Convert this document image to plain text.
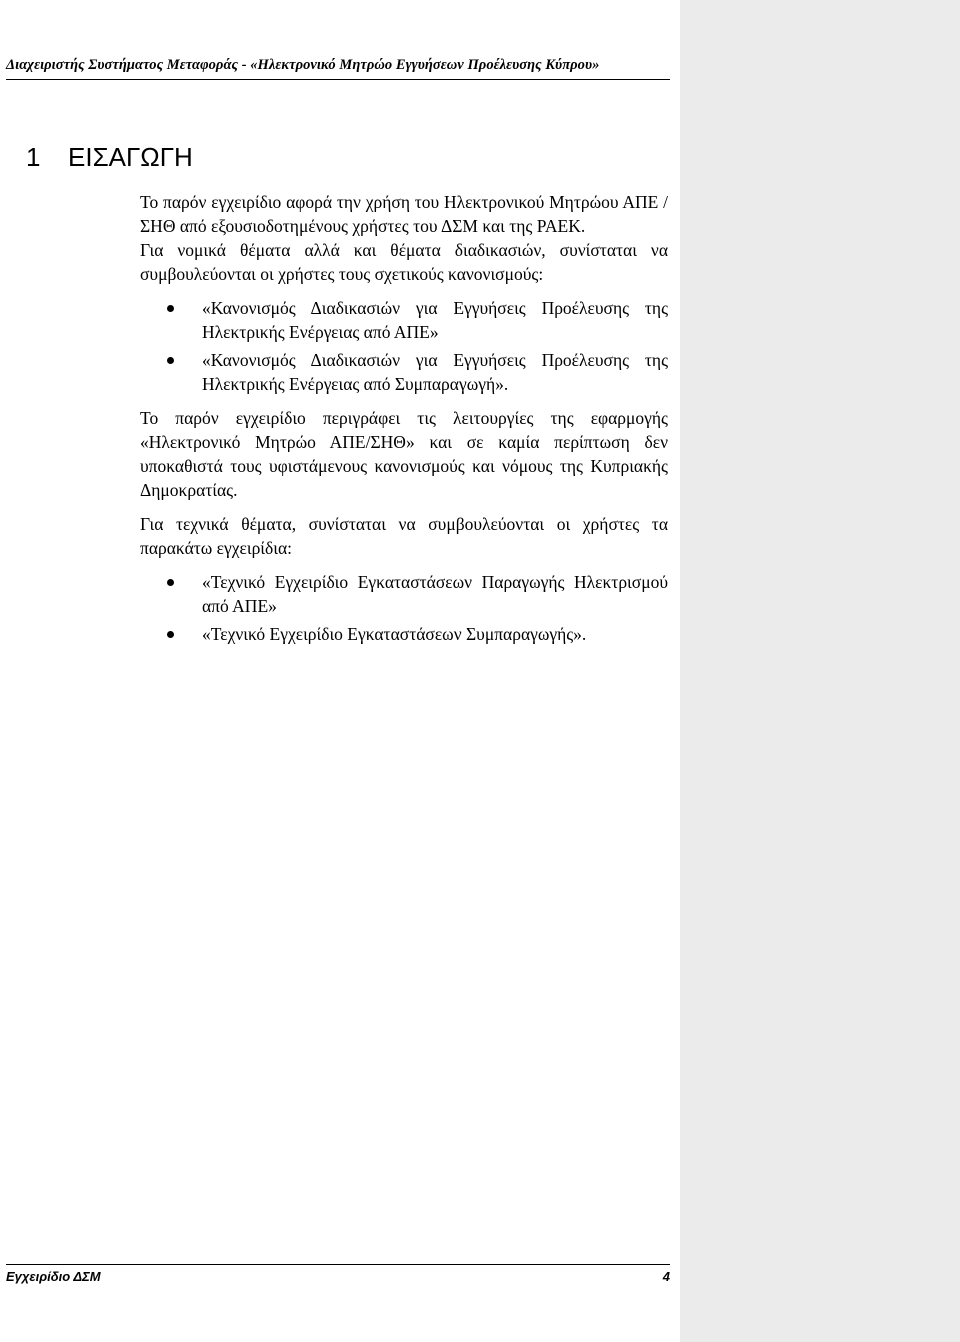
Διαχειριστής Συστήματος Μεταφοράς - «Ηλεκτρονικό Μητρώο Εγγυήσεων Προέλευσης Κύπρου»
1 ΕΙΣΑΓΩΓΗ

Το παρόν εγχειρίδιο αφορά την χρήση του Ηλεκτρονικού Μητρώου ΑΠΕ / ΣΗΘ από εξουσιοδοτημένους χρήστες του ΔΣΜ και της ΡΑΕΚ.

Για νομικά θέματα αλλά και θέματα διαδικασιών, συνίσταται να συμβουλεύονται οι χρήστες τους σχετικούς κανονισμούς:

«Κανονισμός Διαδικασιών για Εγγυήσεις Προέλευσης της Ηλεκτρικής Ενέργειας από ΑΠΕ»
«Κανονισμός Διαδικασιών για Εγγυήσεις Προέλευσης της Ηλεκτρικής Ενέργειας από Συμπαραγωγή».

Το παρόν εγχειρίδιο περιγράφει τις λειτουργίες της εφαρμογής «Ηλεκτρονικό Μητρώο ΑΠΕ/ΣΗΘ» και σε καμία περίπτωση δεν υποκαθιστά τους υφιστάμενους κανονισμούς και νόμους της Κυπριακής Δημοκρατίας.

Για τεχνικά θέματα, συνίσταται να συμβουλεύονται οι χρήστες τα παρακάτω εγχειρίδια:

«Τεχνικό Εγχειρίδιο Εγκαταστάσεων Παραγωγής Ηλεκτρισμού από ΑΠΕ»
«Τεχνικό Εγχειρίδιο Εγκαταστάσεων Συμπαραγωγής».
Εγχειρίδιο ΔΣΜ	4
